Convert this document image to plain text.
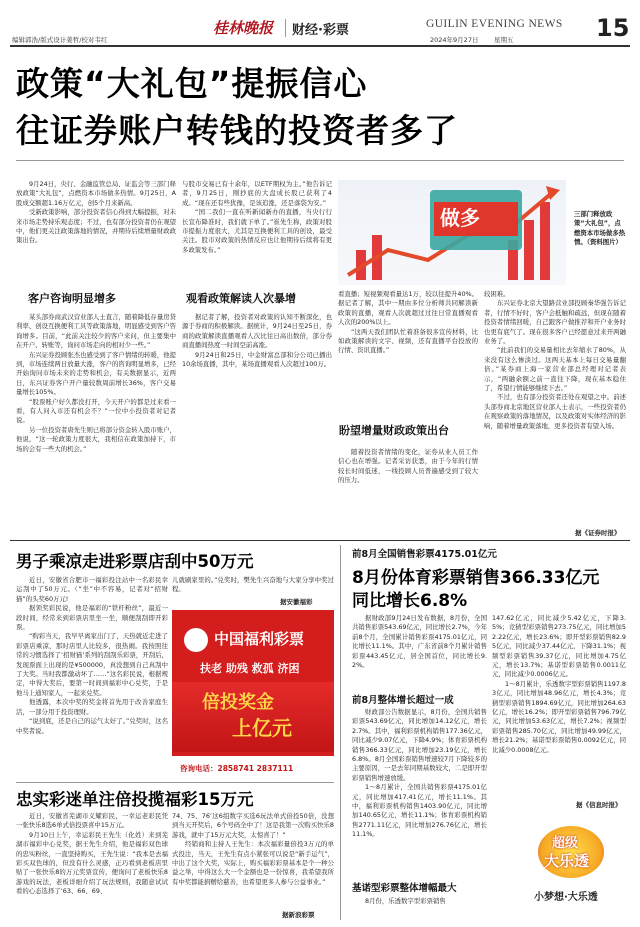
编辑郭浩/版式设计姜哲/校对韦红
桂林晚报 财经·彩票	GUILIN EVENING NEWS
2024年9月27日 星期五	15
政策“大礼包”提振信心
往证券账户转钱的投资者多了

9月24日，央行、金融监管总局、证监会等三部门释放政策“大礼包”，点燃资本市场做多热情。9月25日，A股成交额超1.16万亿元，创5个月来新高。

受新政策影响，部分投资者信心得到大幅提振，对未来市场走势持乐观态度；不过，也有部分投资者仍在观望中，他们更关注政策落地的情况，并期待后续增量财政政策出台。

客户咨询明显增多

某头部券商武汉营业部人士直言，随着降低存量房贷利率、创设互换便利工具等政策落地，明显感受到客户咨询增多。目前，“此前关注较少的客户来问，但主要集中在开户、转账等，询问市场走向的相对少一些。”

东兴证券投顾张杰也感受到了客户情绪的转暖，他提到，市场连续两日放量大涨，客户的咨询明显增多，已经开始询问市场未来的走势和机会，有关数据显示，近两日，东兴证券客户开户量较数周前增长36%，客户交易量增长105%。

“股票账户好久都没打开，今天开户的都是过来看一看，有人问入市还有机会不？”一位中小投资者对记者说。

另一位投资者唐先生则已将部分资金转入股市账户，他说，“这一轮政策力度很大，我相信在政策加持下，市场的会有一些大的机会。”

与股市交易已有十余年，以ETF期权为主。”他告诉记者，9月25日，刚抄底的大盘成长股已获利了4成。“现在还有些犹豫，是该追涨，还是落袋为安。”

“国二我们一直在听新闻新办的直播，当央行行长宣布降准时，我们就下单了。”崔先生称，政策对股市提振力度很大，尤其是互换便利工具的创设，最受关注。股市对政策的热情反应也让他期待后续将有更多政策发布。”

观看政策解读人次暴增

据记者了解，投资者对政策的认知不断深化，也源于券商的积极解读。据统计，9月24日至25日，券商的政策解读直播观看人次比往日高出数倍，部分券商直播间热度一时间空前高涨。

9月24日和25日，中金财富总部和分公司已播出10余场直播，其中，某场直播观看人次超过100万。

做多	三部门释放政策“大礼包”，点燃资本市场做多热情。（资料图片）

看直播；短视频观看量达1万，较以往提升40%。据记者了解，其中一期由多位分析师共同解读新政策的直播，观看人次就超过过往日常直播观看人次的200%以上。

“这两天我们团队忙着准备很多宣传材料，比如政策解读的文字、视频，还有直播平台投放的行情、资讯直播。”

盼望增量财政政策出台

随着投资者情绪的变化，证券从业人员工作信心也在增强。记者采访获悉，由于今年的行情较长时间低迷，一线投顾人员普遍感受到了较大的压力。

较困难。

东兴证券北京大望路营业部投顾秦华强告诉记者，行情不好时，客户会抵触和疏远，但现在随着投资者情绪回暖，自己跟客户做推荐和开户业务时也更有底气了。现在很多客户已经愿意过来开两融业务了。

“此前我们的交易量相比去年缩水了80%，从来没有这么惨淡过。这两天基本上每日交易量翻倍。”某券商上海一家营业部总经理对记者表示，“两融余额之前一直往下降，现在基本稳住了，希望行情能够继续下去。”

不过，也有部分投资者还处在观望之中。前述头部券商北京地区营业部人士表示，一些投资者仍在观察政策的落地情况，以及政策对实体经济的影响，随着增量政策落地，更多投资者有望入场。

据《证券时报》
男子乘凉走进彩票店刮中50万元

近日，安徽省合肥市一福彩投注站中一名彩民幸运刮中了50万元。（“坐”中不容易，记者对“招财猫”的头奖60万元!

据领奖彩民说，他是福彩的“铁杆粉丝”，最近一段时间，经常来到彩票店里坐一坐，顺便刮刮即开彩票。

“购彩当天，我早早离家出门了，天热就近走进了彩票店乘凉，那时店里人比较多，很热闹。我按照往常的习惯选择了‘招财猫’系列的刮刮乐彩票，开刮后，发现票面上出现的是¥500000，真没想到自己真刮中了大奖。当时我都激动坏了……”这名彩民说，根据规定，中得大奖后，要第一时间到福彩中心兑奖，于是他马上通知家人，一起来兑奖。

他透露，本次中奖的奖金将首先用于改善家庭生活，一部分用于投资理财。

“说到底，还是自己的运气太好了。”兑奖时，这名中奖者说。

儿就刷家里的。”兑奖时，樊先生兴奋地与大家分享中奖过程。

据安徽福彩
中国福利彩票
扶老 助残 救孤 济困
倍投奖金
上亿元
咨询电话：2858741 2837111
忠实彩迷单注倍投揽福彩15万元

近日，安徽省芜湖市义耀彩民，一幸运老彩民凭一张快乐8选6单式倍投票喜中15万元。

9月10日上午，幸运彩民王先生（化姓）来到芜湖市福彩中心兑奖，据王先生介绍，他是福彩双色球的忠实粉丝，一直坚持购买，王先生说：“我本是去福彩买双色球的，但没有什么灵感，正巧看到老板店里贴了一张快乐8的万元奖票宣传，便询问了老板快乐8游戏的玩法，老板详细介绍了玩法规则，我随意试试看的心态选择了‘63、66、69、

74、75、76’这6组数字买选6玩法单式倍投50倍，没想到当天开奖后，6个号码全中了！这是我第一次购买快乐8游戏，就中了15万元大奖，太惊喜了！”

经销商和主持人王先生：本次福彩量倍投3万元的单式投注，当天，王先生有点小紧张可以说是“新手运气”，中出了这个大奖，实际上，购买福彩彩票基本是个一种公益之举，中得这么大一个金额也是一份惊喜，我希望我所有中奖都能捐赠给慈善，也希望更多人参与公益事业。”

据新浪彩票
前8月全国销售彩票4175.01亿元
8月份体育彩票销售366.33亿元
同比增长6.8%

据财政部9月24日发布数据，8月份，全国共销售彩票543.69亿元，同比增长2.7%，今年前8个月，全国累计销售彩票4175.01亿元，同比增长11.1%。其中，广东省前8个月累计销售彩票443.45亿元，居全国首位，同比增长9.2%。

前8月整体增长超过一成

财政部公告数据显示，8月份，全国共销售彩票543.69亿元，同比增加14.12亿元，增长2.7%。其中，福利彩票机构销售177.36亿元，同比减少9.07亿元，下降4.9%；体育彩票机构销售366.33亿元，同比增加23.19亿元，增长6.8%。8月全国彩票销售增速较7月下降较多的主要原因，一是去年同期基数较大，二是即开型彩票销售增速放缓。

1～8月累计，全国共销售彩票4175.01亿元，同比增加417.41亿元，增长11.1%。其中，福利彩票机构销售1403.90亿元，同比增加140.65亿元，增长11.1%；体育彩票机构销售2771.11亿元，同比增加276.76亿元，增长11.1%。

基诺型彩票整体增幅最大

8月份，乐透数字型彩票销售

147.62亿元，同比减少5.42亿元，下降3.5%；竞猜型彩票销售273.75亿元，同比增加52.22亿元，增长23.6%；即开型彩票销售82.95亿元，同比减少37.44亿元，下降31.1%；视频型彩票销售39.37亿元，同比增加4.75亿元，增长13.7%；基诺型彩票销售0.0011亿元，同比减少0.0006亿元。

1～8月累计，乐透数字型彩票销售1197.83亿元，同比增加48.96亿元，增长4.3%；竞猜型彩票销售1894.69亿元，同比增加264.63亿元，增长16.2%；即开型彩票销售796.79亿元，同比增加53.63亿元，增长7.2%；视频型彩票销售285.70亿元，同比增加49.99亿元，增长21.2%；基诺型彩票销售0.0092亿元，同比减少0.0008亿元。

据《信息时报》
超级
大乐透
小梦想·大乐透
